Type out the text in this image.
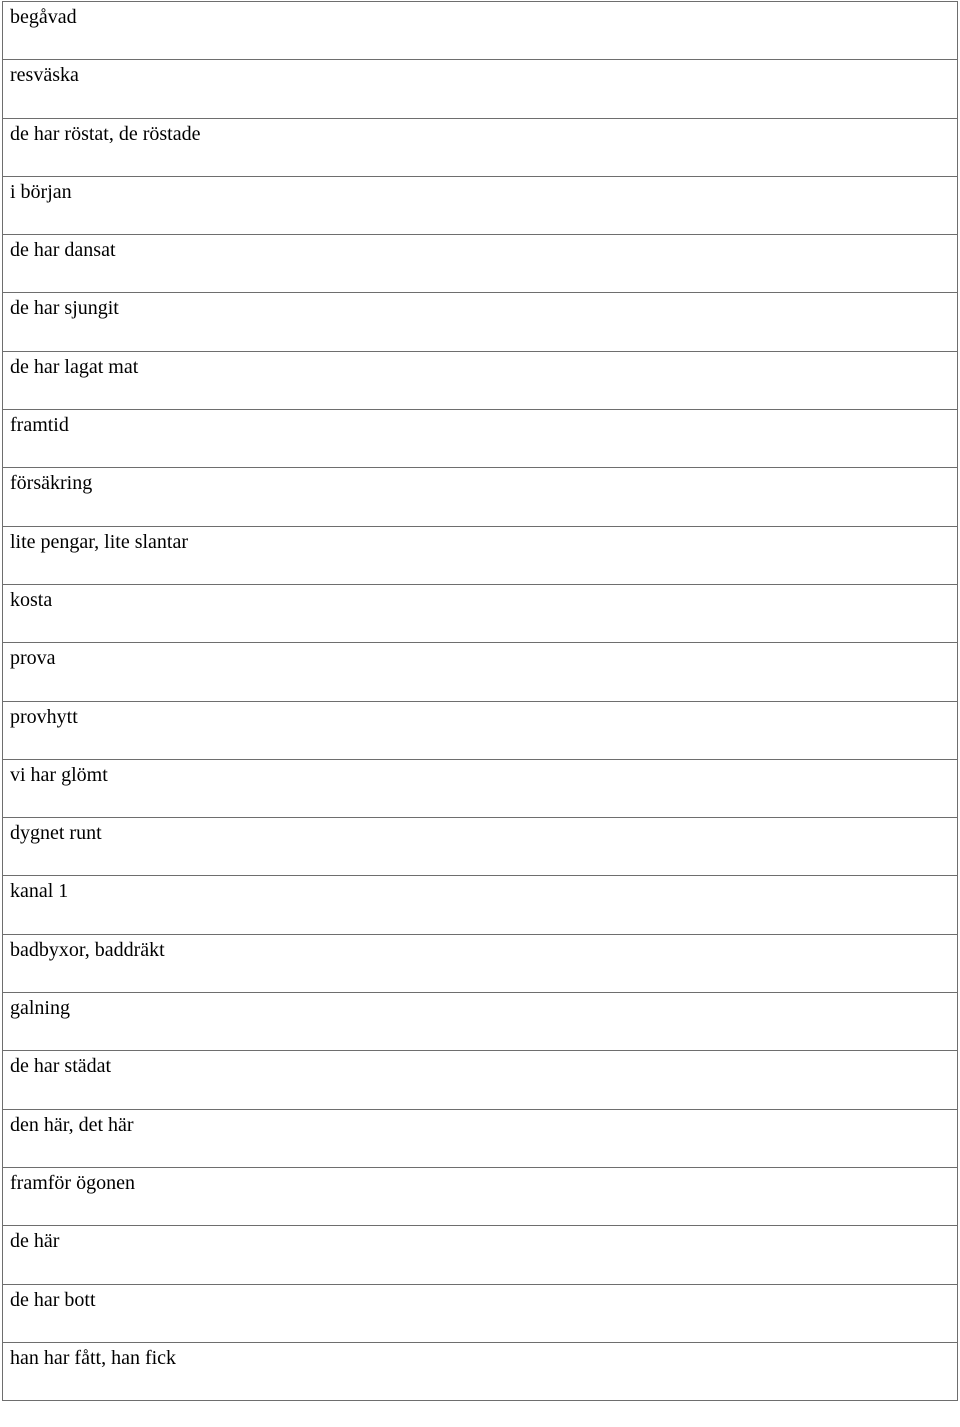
begåvad

resväska

de har röstat, de röstade

i början

de har dansat

de har sjungit

de har lagat mat

framtid

försäkring

lite pengar, lite slantar

kosta

prova

provhytt

vi har glömt

dygnet runt

kanal 1

badbyxor, baddräkt

galning

de har städat

den här, det här

framför ögonen

de här

de har bott

han har fått, han fick
